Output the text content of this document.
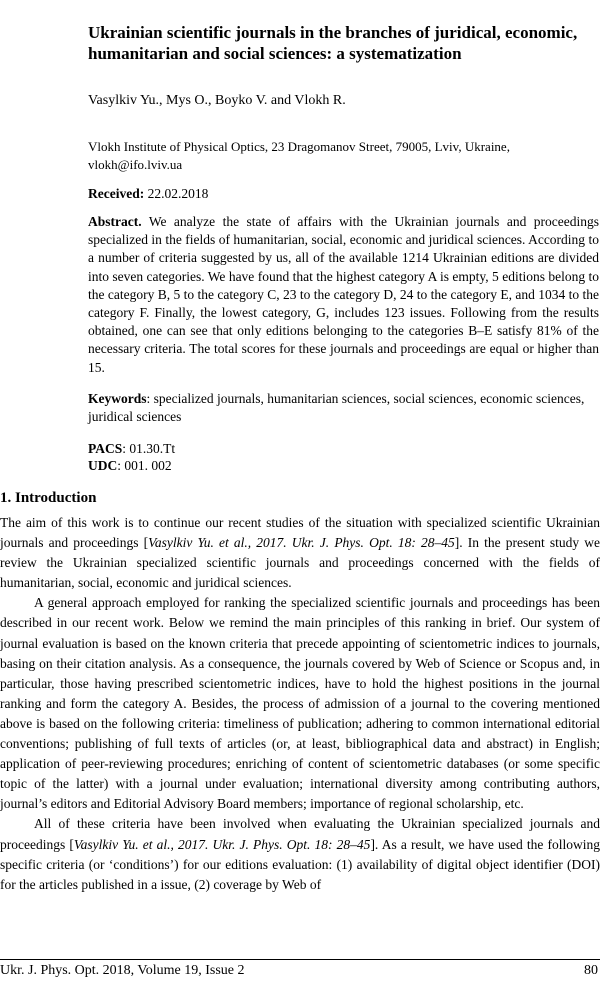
Ukrainian scientific journals in the branches of juridical, economic, humanitarian and social sciences: a systematization
Vasylkiv Yu., Mys O., Boyko V. and Vlokh R.
Vlokh Institute of Physical Optics, 23 Dragomanov Street, 79005, Lviv, Ukraine, vlokh@ifo.lviv.ua
Received: 22.02.2018
Abstract. We analyze the state of affairs with the Ukrainian journals and proceedings specialized in the fields of humanitarian, social, economic and juridical sciences. According to a number of criteria suggested by us, all of the available 1214 Ukrainian editions are divided into seven categories. We have found that the highest category A is empty, 5 editions belong to the category B, 5 to the category C, 23 to the category D, 24 to the category E, and 1034 to the category F. Finally, the lowest category, G, includes 123 issues. Following from the results obtained, one can see that only editions belonging to the categories B–E satisfy 81% of the necessary criteria. The total scores for these journals and proceedings are equal or higher than 15.
Keywords: specialized journals, humanitarian sciences, social sciences, economic sciences, juridical sciences
PACS: 01.30.Tt
UDC: 001. 002
1. Introduction

The aim of this work is to continue our recent studies of the situation with specialized scientific Ukrainian journals and proceedings [Vasylkiv Yu. et al., 2017. Ukr. J. Phys. Opt. 18: 28–45]. In the present study we review the Ukrainian specialized scientific journals and proceedings concerned with the fields of humanitarian, social, economic and juridical sciences.

A general approach employed for ranking the specialized scientific journals and proceedings has been described in our recent work. Below we remind the main principles of this ranking in brief. Our system of journal evaluation is based on the known criteria that precede appointing of scientometric indices to journals, basing on their citation analysis. As a consequence, the journals covered by Web of Science or Scopus and, in particular, those having prescribed scientometric indices, have to hold the highest positions in the journal ranking and form the category A. Besides, the process of admission of a journal to the covering mentioned above is based on the following criteria: timeliness of publication; adhering to common international editorial conventions; publishing of full texts of articles (or, at least, bibliographical data and abstract) in English; application of peer-reviewing procedures; enriching of content of scientometric databases (or some specific topic of the latter) with a journal under evaluation; international diversity among contributing authors, journal’s editors and Editorial Advisory Board members; importance of regional scholarship, etc.

All of these criteria have been involved when evaluating the Ukrainian specialized journals and proceedings [Vasylkiv Yu. et al., 2017. Ukr. J. Phys. Opt. 18: 28–45]. As a result, we have used the following specific criteria (or ‘conditions’) for our editions evaluation: (1) availability of digital object identifier (DOI) for the articles published in a issue, (2) coverage by Web of

Ukr. J. Phys. Opt. 2018, Volume 19, Issue 2	80
